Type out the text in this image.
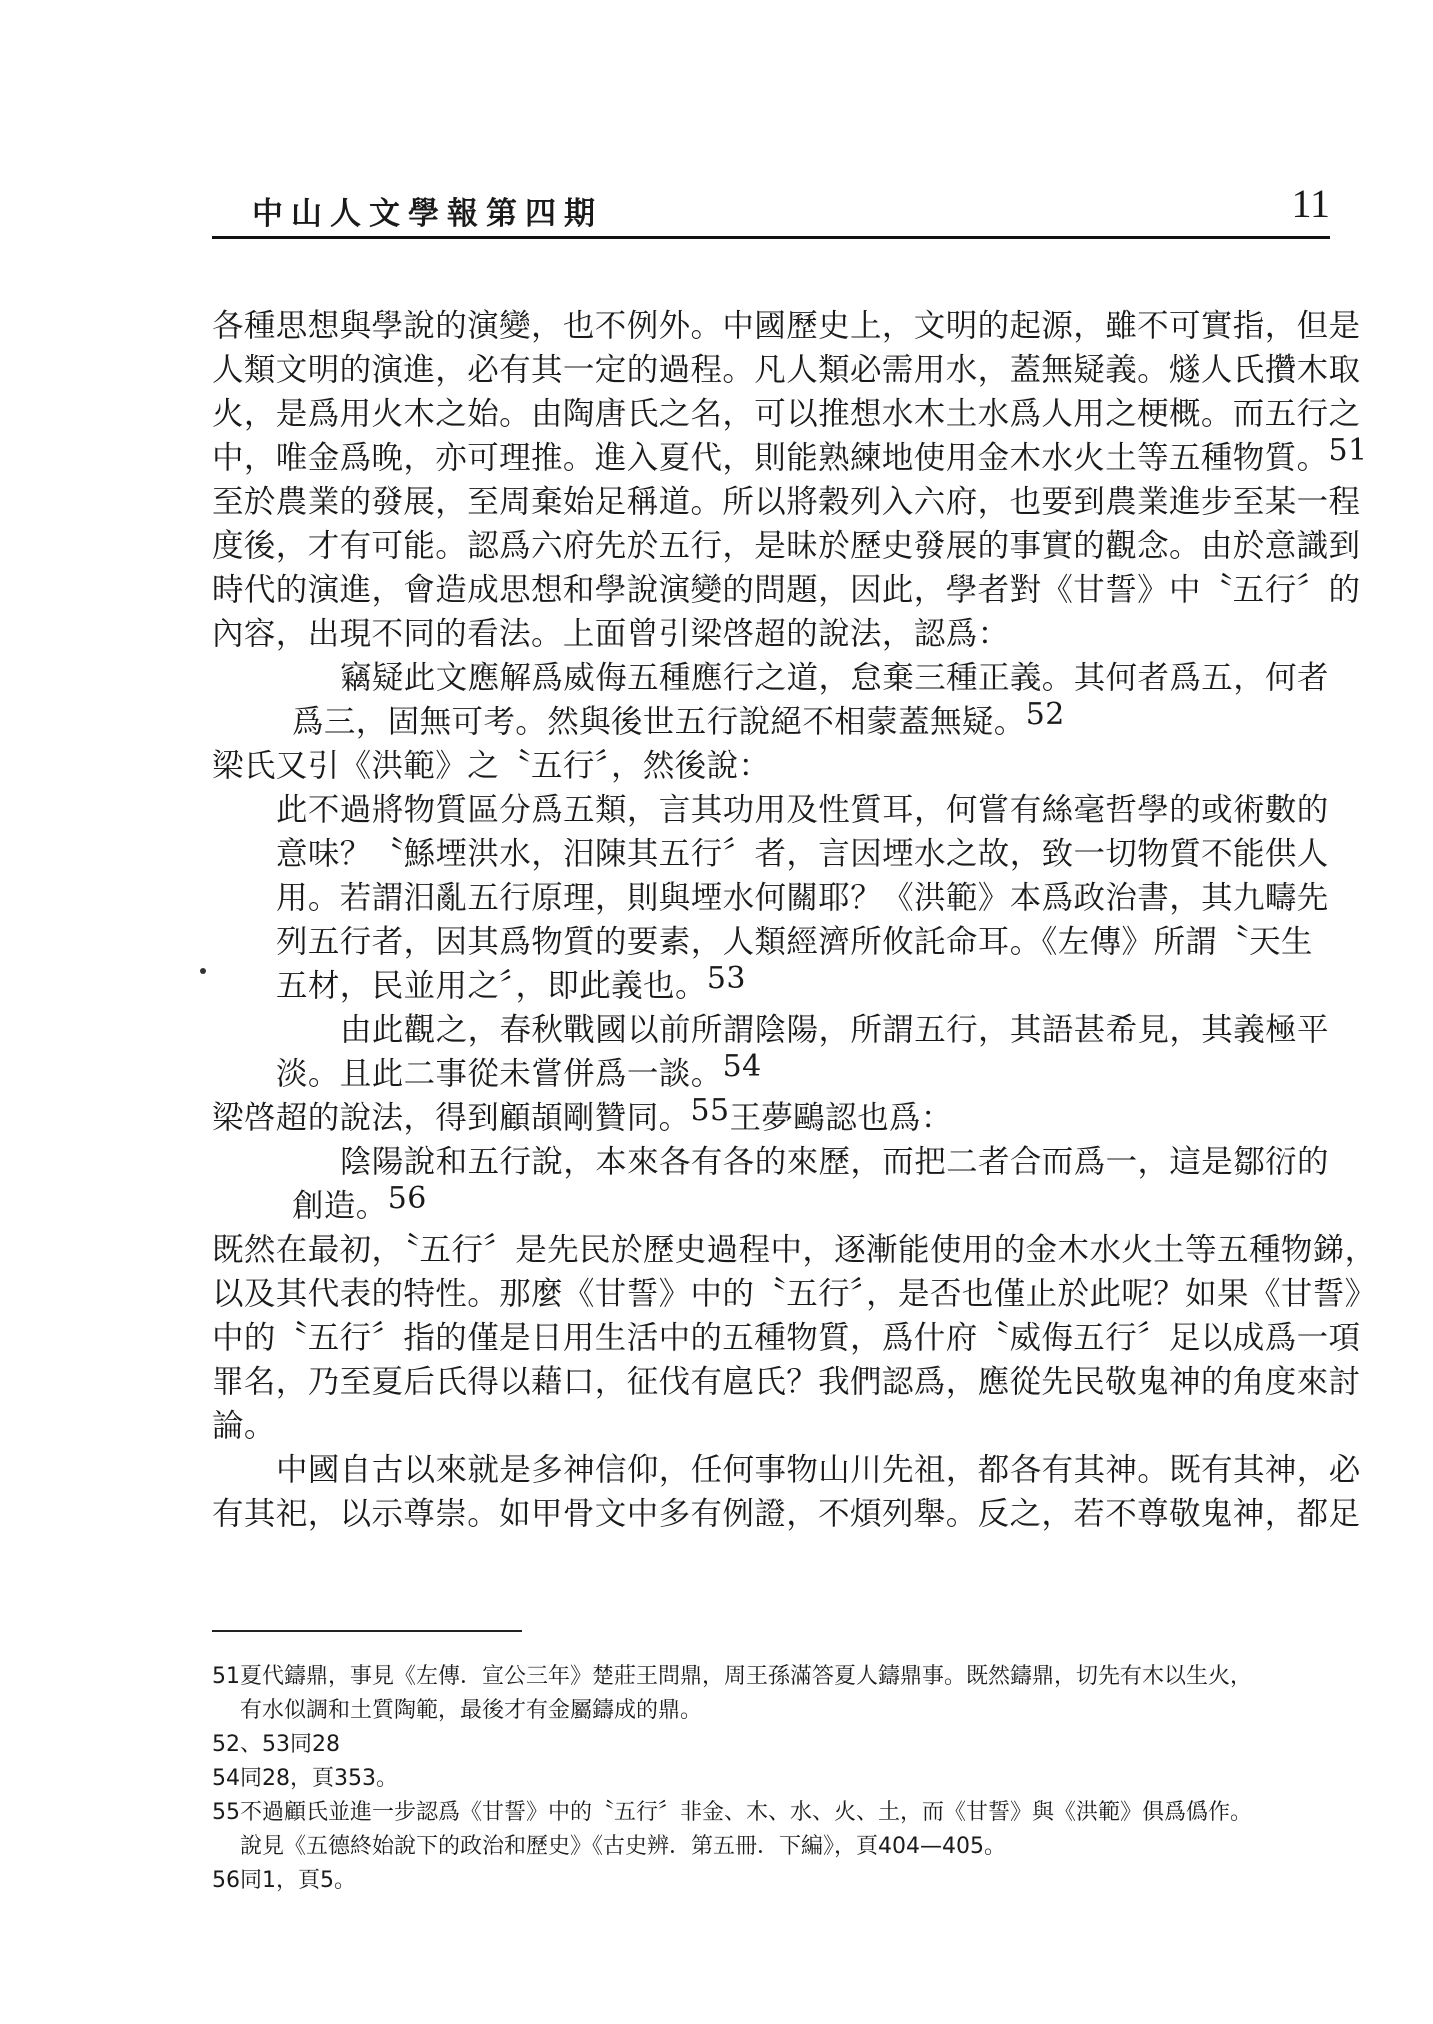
中山人文學報第四期	11
各種思想與學說的演變，也不例外。中國歷史上，文明的起源，雖不可實指，但是
人類文明的演進，必有其一定的過程。凡人類必需用水，蓋無疑義。燧人氏攢木取
火，是爲用火木之始。由陶唐氏之名，可以推想水木土水爲人用之梗概。而五行之
中，唯金爲晚，亦可理推。進入夏代，則能熟練地使用金木水火土等五種物質。$^{51}$
至於農業的發展，至周棄始足稱道。所以將穀列入六府，也要到農業進步至某一程
度後，才有可能。認爲六府先於五行，是昧於歷史發展的事實的觀念。由於意識到
時代的演進，會造成思想和學說演變的問題，因此，學者對《甘誓》中〝五行〞的
內容，出現不同的看法。上面曾引梁啓超的說法，認爲：
竊疑此文應解爲威侮五種應行之道，怠棄三種正義。其何者爲五，何者
爲三，固無可考。然與後世五行說絕不相蒙蓋無疑。$^{52}$
梁氏又引《洪範》之〝五行〞，然後說：
此不過將物質區分爲五類，言其功用及性質耳，何嘗有絲毫哲學的或術數的
意味？〝鯀堙洪水，汨陳其五行〞者，言因堙水之故，致一切物質不能供人
用。若謂汨亂五行原理，則與堙水何關耶？《洪範》本爲政治書，其九疇先
列五行者，因其爲物質的要素，人類經濟所攸託命耳。《左傳》所謂〝天生
五材，民並用之〞，即此義也。$^{53}$
由此觀之，春秋戰國以前所謂陰陽，所謂五行，其語甚希見，其義極平
淡。且此二事從未嘗併爲一談。$^{54}$
梁啓超的說法，得到顧頡剛贊同。$^{55}$王夢鷗認也爲：
陰陽說和五行說，本來各有各的來歷，而把二者合而爲一，這是鄒衍的
創造。$^{56}$
既然在最初，〝五行〞是先民於歷史過程中，逐漸能使用的金木水火土等五種物銻，
以及其代表的特性。那麼《甘誓》中的〝五行〞，是否也僅止於此呢？如果《甘誓》
中的〝五行〞指的僅是日用生活中的五種物質，爲什府〝威侮五行〞足以成爲一項
罪名，乃至夏后氏得以藉口，征伐有扈氏？我們認爲，應從先民敬鬼神的角度來討
論。
中國自古以來就是多神信仰，任何事物山川先祖，都各有其神。既有其神，必
有其祀，以示尊崇。如甲骨文中多有例證，不煩列舉。反之，若不尊敬鬼神，都足
51夏代鑄鼎，事見《左傳．宣公三年》楚莊王問鼎，周王孫滿答夏人鑄鼎事。既然鑄鼎，切先有木以生火，
有水似調和土質陶範，最後才有金屬鑄成的鼎。
52、53同28
54同28，頁353。
55不過顧氏並進一步認爲《甘誓》中的〝五行〞非金、木、水、火、土，而《甘誓》與《洪範》俱爲僞作。
說見《五德終始說下的政治和歷史》《古史辨．第五冊．下編》，頁404—405。
56同1，頁5。
